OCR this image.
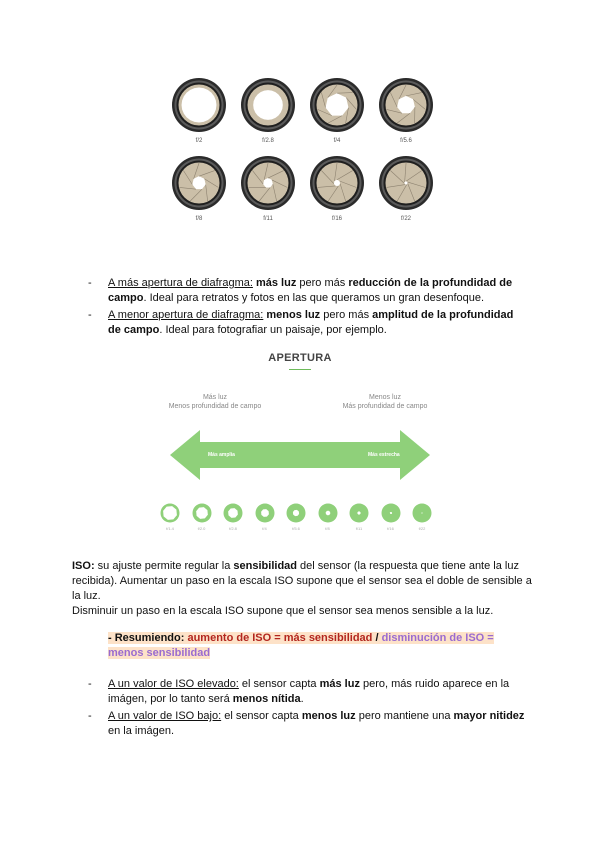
f/2	f/2.8	f/4	f/5.6
f/8	f/11	f/16	f/22
- A más apertura de diafragma: más luz pero más reducción de la profundidad de campo. Ideal para retratos y fotos en las que queramos un gran desenfoque.
- A menor apertura de diafragma: menos luz pero más amplitud de la profundidad de campo. Ideal para fotografiar un paisaje, por ejemplo.
APERTURA
Más luz
Menos profundidad de campo
Menos luz
Más profundidad de campo
Más amplia	Más estrecha
f/1.4	f/2.0	f/2.8	f/4	f/5.6	f/8	f/11	f/16	f/22
ISO: su ajuste permite regular la sensibilidad del sensor (la respuesta que tiene ante la luz recibida). Aumentar un paso en la escala ISO supone que el sensor sea el doble de sensible a la luz.
Disminuir un paso en la escala ISO supone que el sensor sea menos sensible a la luz.
- Resumiendo: aumento de ISO = más sensibilidad / disminución de ISO = menos sensibilidad
- A un valor de ISO elevado: el sensor capta más luz pero, más ruido aparece en la imágen, por lo tanto será menos nítida.
- A un valor de ISO bajo: el sensor capta menos luz pero mantiene una mayor nitidez en la imágen.
